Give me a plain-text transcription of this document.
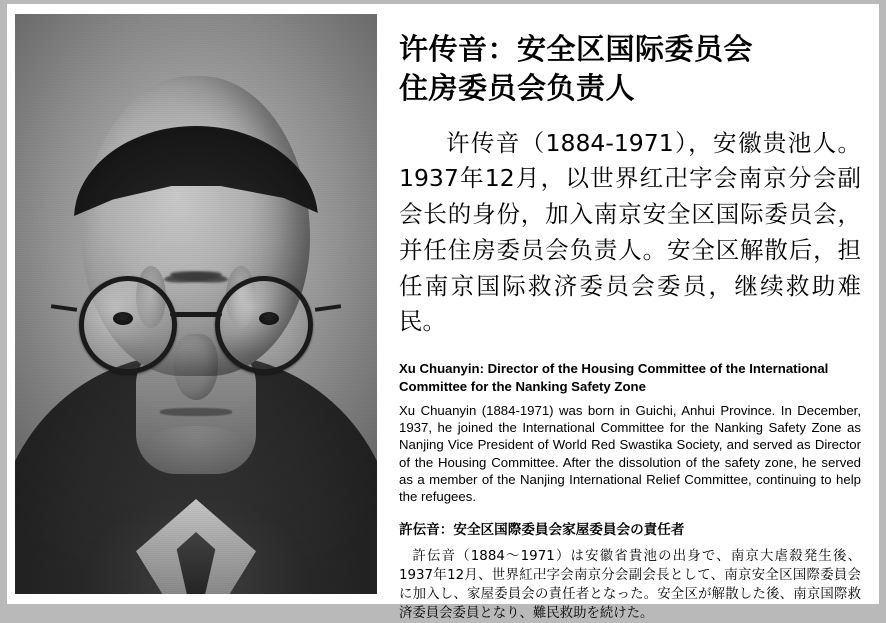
许传音：安全区国际委员会
住房委员会负责人

许传音（1884-1971），安徽贵池人。1937年12月，以世界红卍字会南京分会副会长的身份，加入南京安全区国际委员会，并任住房委员会负责人。安全区解散后，担任南京国际救济委员会委员，继续救助难民。

Xu Chuanyin: Director of the Housing Committee of the International Committee for the Nanking Safety Zone

Xu Chuanyin (1884-1971) was born in Guichi, Anhui Province. In December, 1937, he joined the International Committee for the Nanking Safety Zone as Nanjing Vice President of World Red Swastika Society, and served as Director of the Housing Committee. After the dissolution of the safety zone, he served as a member of the Nanjing International Relief Committee, continuing to help the refugees.

許伝音：安全区国際委員会家屋委員会の責任者

許伝音（1884～1971）は安徽省貴池の出身で、南京大虐殺発生後、1937年12月、世界紅卍字会南京分会副会長として、南京安全区国際委員会に加入し、家屋委員会の責任者となった。安全区が解散した後、南京国際救済委員会委員となり、難民救助を続けた。
